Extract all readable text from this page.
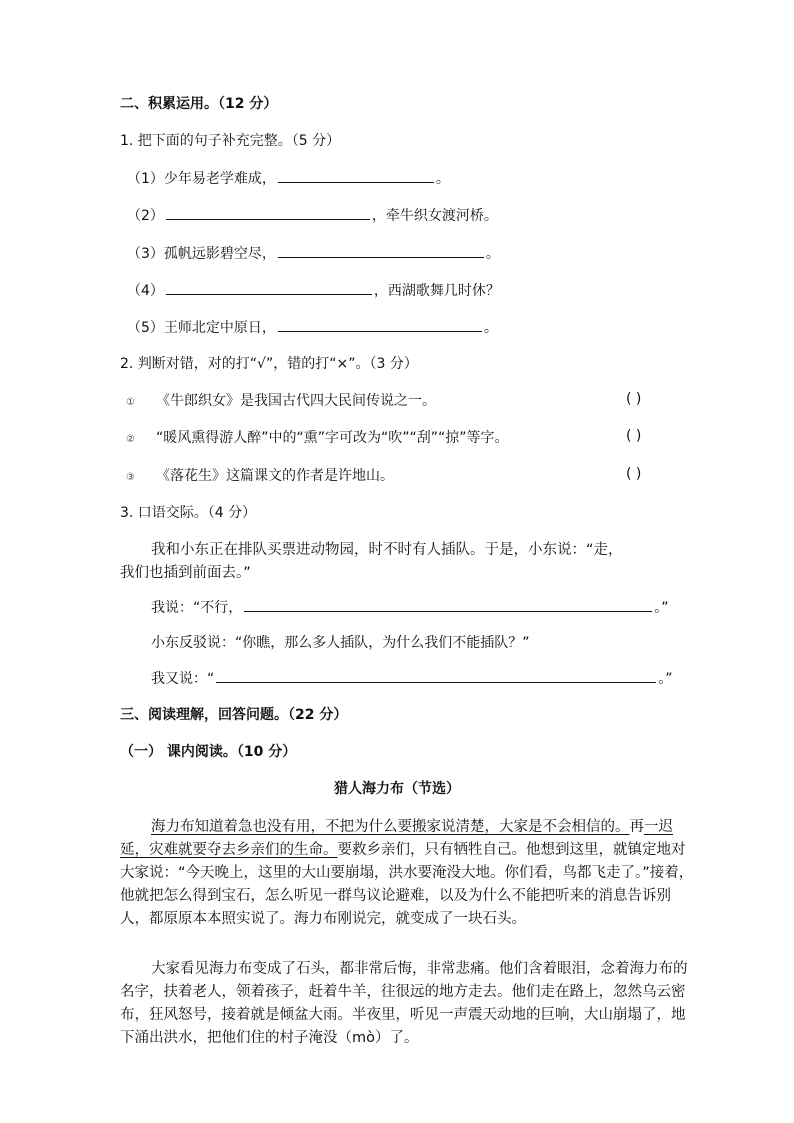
二、积累运用。（12 分）
1. 把下面的句子补充完整。（5 分）
（1）少年易老学难成，	。
（2）	，牵牛织女渡河桥。
（3）孤帆远影碧空尽，	。
（4）	，西湖歌舞几时休？
（5）王师北定中原日，	。
2. 判断对错，对的打“√”，错的打“×”。（3 分）
① 《牛郎织女》是我国古代四大民间传说之一。	( )
② “暖风熏得游人醉”中的“熏”字可改为“吹”“刮”“掠”等字。	( )
③ 《落花生》这篇课文的作者是许地山。	( )
3. 口语交际。（4 分）
我和小东正在排队买票进动物园，时不时有人插队。于是，小东说：“走，
我们也插到前面去。”
我说：“不行，	。”
小东反驳说：“你瞧，那么多人插队，为什么我们不能插队？”
我又说：“	。”
三、阅读理解，回答问题。（22 分）
（一） 课内阅读。（10 分）
猎人海力布（节选）
海力布知道着急也没有用，不把为什么要搬家说清楚，大家是不会相信的。再一迟延，灾难就要夺去乡亲们的生命。要救乡亲们，只有牺牲自己。他想到这里，就镇定地对大家说：“今天晚上，这里的大山要崩塌，洪水要淹没大地。你们看，鸟都飞走了。”接着，他就把怎么得到宝石，怎么听见一群鸟议论避难，以及为什么不能把听来的消息告诉别人，都原原本本照实说了。海力布刚说完，就变成了一块石头。
大家看见海力布变成了石头，都非常后悔，非常悲痛。他们含着眼泪，念着海力布的名字，扶着老人，领着孩子，赶着牛羊，往很远的地方走去。他们走在路上，忽然乌云密布，狂风怒号，接着就是倾盆大雨。半夜里，听见一声震天动地的巨响，大山崩塌了，地下涌出洪水，把他们住的村子淹没（mò）了。
